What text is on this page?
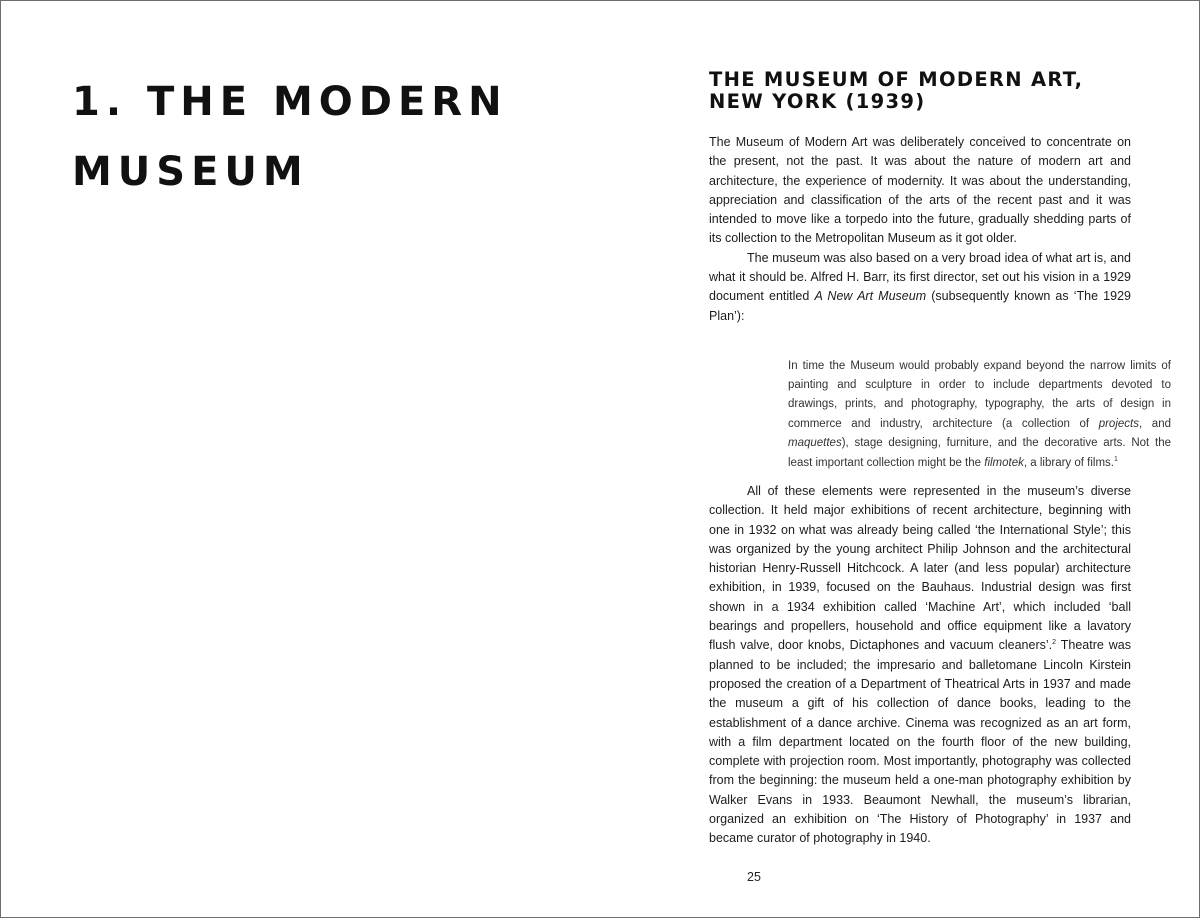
1. THE MODERN
MUSEUM
THE MUSEUM OF MODERN ART,
NEW YORK (1939)

The Museum of Modern Art was deliberately conceived to concentrate on the present, not the past. It was about the nature of modern art and architecture, the experience of modernity. It was about the understanding, appreciation and classification of the arts of the recent past and it was intended to move like a torpedo into the future, gradually shedding parts of its collection to the Metropolitan Museum as it got older.

The museum was also based on a very broad idea of what art is, and what it should be. Alfred H. Barr, its first director, set out his vision in a 1929 document entitled A New Art Museum (subsequently known as ‘The 1929 Plan’):

In time the Museum would probably expand beyond the narrow limits of painting and sculpture in order to include departments devoted to drawings, prints, and photography, typography, the arts of design in commerce and industry, architecture (a collection of projects, and maquettes), stage designing, furniture, and the decorative arts. Not the least important collection might be the filmotek, a library of films.$^1$

All of these elements were represented in the museum’s diverse collection. It held major exhibitions of recent architecture, beginning with one in 1932 on what was already being called ‘the International Style’; this was organized by the young architect Philip Johnson and the architectural historian Henry-Russell Hitchcock. A later (and less popular) architecture exhibition, in 1939, focused on the Bauhaus. Industrial design was first shown in a 1934 exhibition called ‘Machine Art’, which included ‘ball bearings and propellers, household and office equipment like a lavatory flush valve, door knobs, Dictaphones and vacuum cleaners’.$^2$ Theatre was planned to be included; the impresario and balletomane Lincoln Kirstein proposed the creation of a Department of Theatrical Arts in 1937 and made the museum a gift of his collection of dance books, leading to the establishment of a dance archive. Cinema was recognized as an art form, with a film department located on the fourth floor of the new building, complete with projection room. Most importantly, photography was collected from the beginning: the museum held a one-man photography exhibition by Walker Evans in 1933. Beaumont Newhall, the museum’s librarian, organized an exhibition on ‘The History of Photography’ in 1937 and became curator of photography in 1940.

25
